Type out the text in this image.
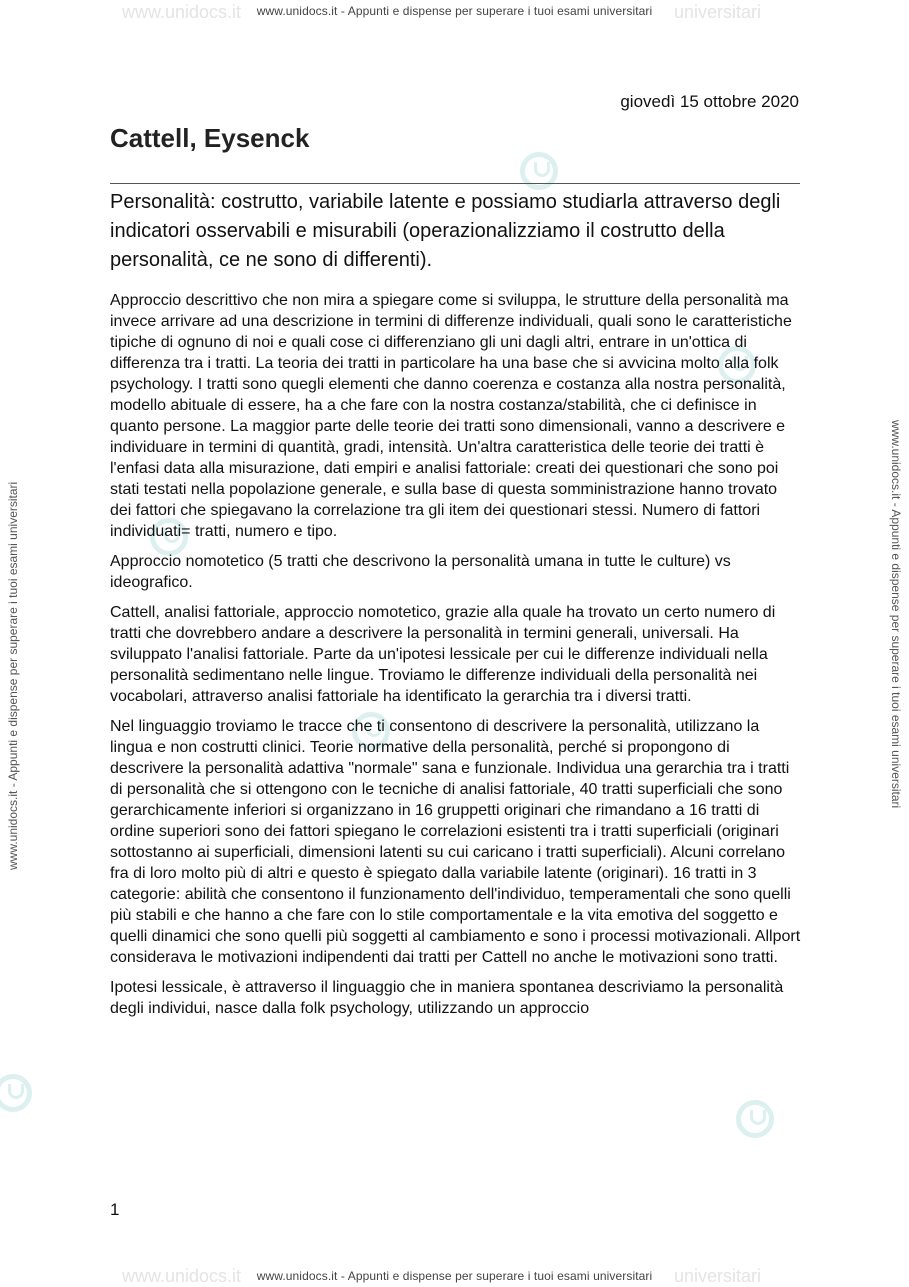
www.unidocs.it	universitari
www.unidocs.it - Appunti e dispense per superare i tuoi esami universitari
www.unidocs.it	universitari
www.unidocs.it - Appunti e dispense per superare i tuoi esami universitari
www.unidocs.it - Appunti e dispense per superare i tuoi esami universitari	www.unidocs.it - Appunti e dispense per superare i tuoi esami universitari
giovedì 15 ottobre 2020
Cattell, Eysenck

Personalità: costrutto, variabile latente e possiamo studiarla attraverso degli indicatori osservabili e misurabili (operazionalizziamo il costrutto della personalità, ce ne sono di differenti).

Approccio descrittivo che non mira a spiegare come si sviluppa, le strutture della personalità ma invece arrivare ad una descrizione in termini di differenze individuali, quali sono le caratteristiche tipiche di ognuno di noi e quali cose ci differenziano gli uni dagli altri, entrare in un'ottica di differenza tra i tratti. La teoria dei tratti in particolare ha una base che si avvicina molto alla folk psychology. I tratti sono quegli elementi che danno coerenza e costanza alla nostra personalità, modello abituale di essere, ha a che fare con la nostra costanza/stabilità, che ci definisce in quanto persone. La maggior parte delle teorie dei tratti sono dimensionali, vanno a descrivere e individuare in termini di quantità, gradi, intensità. Un'altra caratteristica delle teorie dei tratti è l'enfasi data alla misurazione, dati empiri e analisi fattoriale: creati dei questionari che sono poi stati testati nella popolazione generale, e sulla base di questa somministrazione hanno trovato dei fattori che spiegavano la correlazione tra gli item dei questionari stessi. Numero di fattori individuati= tratti, numero e tipo.

Approccio nomotetico (5 tratti che descrivono la personalità umana in tutte le culture) vs ideografico.

Cattell, analisi fattoriale, approccio nomotetico, grazie alla quale ha trovato un certo numero di tratti che dovrebbero andare a descrivere la personalità in termini generali, universali. Ha sviluppato l'analisi fattoriale. Parte da un'ipotesi lessicale per cui le differenze individuali nella personalità sedimentano nelle lingue. Troviamo le differenze individuali della personalità nei vocabolari, attraverso analisi fattoriale ha identificato la gerarchia tra i diversi tratti.

Nel linguaggio troviamo le tracce che ti consentono di descrivere la personalità, utilizzano la lingua e non costrutti clinici. Teorie normative della personalità, perché si propongono di descrivere la personalità adattiva "normale" sana e funzionale. Individua una gerarchia tra i tratti di personalità che si ottengono con le tecniche di analisi fattoriale, 40 tratti superficiali che sono gerarchicamente inferiori si organizzano in 16 gruppetti originari che rimandano a 16 tratti di ordine superiori sono dei fattori spiegano le correlazioni esistenti tra i tratti superficiali (originari sottostanno ai superficiali, dimensioni latenti su cui caricano i tratti superficiali). Alcuni correlano fra di loro molto più di altri e questo è spiegato dalla variabile latente (originari). 16 tratti in 3 categorie: abilità che consentono il funzionamento dell'individuo, temperamentali che sono quelli più stabili e che hanno a che fare con lo stile comportamentale e la vita emotiva del soggetto e quelli dinamici che sono quelli più soggetti al cambiamento e sono i processi motivazionali. Allport considerava le motivazioni indipendenti dai tratti per Cattell no anche le motivazioni sono tratti.

Ipotesi lessicale, è attraverso il linguaggio che in maniera spontanea descriviamo la personalità degli individui, nasce dalla folk psychology, utilizzando un approccio

1
